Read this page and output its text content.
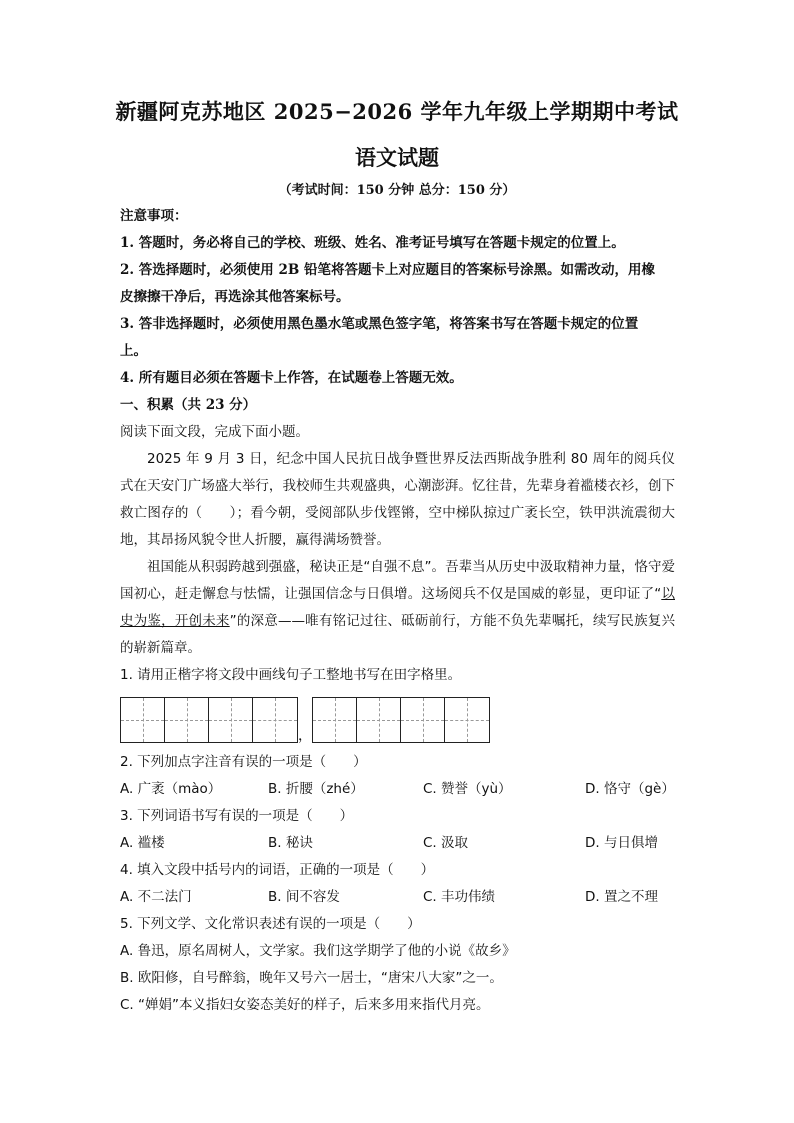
新疆阿克苏地区 2025−2026 学年九年级上学期期中考试
语文试题
（考试时间：150 分钟 总分：150 分）
注意事项：
1. 答题时，务必将自己的学校、班级、姓名、准考证号填写在答题卡规定的位置上。
2. 答选择题时，必须使用 2B 铅笔将答题卡上对应题目的答案标号涂黑。如需改动，用橡
皮擦擦干净后，再选涂其他答案标号。
3. 答非选择题时，必须使用黑色墨水笔或黑色签字笔，将答案书写在答题卡规定的位置
上。
4. 所有题目必须在答题卡上作答，在试题卷上答题无效。
一、积累（共 23 分）
阅读下面文段，完成下面小题。
2025 年 9 月 3 日，纪念中国人民抗日战争暨世界反法西斯战争胜利 80 周年的阅兵仪式在天安门广场盛大举行，我校师生共观盛典，心潮澎湃。忆往昔，先辈身着褴楼衣衫，创下救亡图存的（　　）；看今朝，受阅部队步伐铿锵，空中梯队掠过广袤长空，铁甲洪流震彻大地，其昂扬风貌令世人折腰，赢得满场赞誉。
祖国能从积弱跨越到强盛，秘诀正是“自强不息”。吾辈当从历史中汲取精神力量，恪守爱国初心，赶走懈怠与怯懦，让强国信念与日俱增。这场阅兵不仅是国威的彰显，更印证了“以史为鉴，开创未来”的深意——唯有铭记过往、砥砺前行，方能不负先辈嘱托，续写民族复兴的崭新篇章。
1. 请用正楷字将文段中画线句子工整地书写在田字格里。
，
2. 下列加点字注音有误的一项是（　　）
A. 广袤（mào）	B. 折腰（zhé）	C. 赞誉（yù）	D. 恪守（gè）
3. 下列词语书写有误的一项是（　　）
A. 褴楼	B. 秘诀	C. 汲取	D. 与日俱增
4. 填入文段中括号内的词语，正确的一项是（　　）
A. 不二法门	B. 间不容发	C. 丰功伟绩	D. 置之不理
5. 下列文学、文化常识表述有误的一项是（　　）
A. 鲁迅，原名周树人，文学家。我们这学期学了他的小说《故乡》
B. 欧阳修，自号醉翁，晚年又号六一居士，“唐宋八大家”之一。
C. “婵娟”本义指妇女姿态美好的样子，后来多用来指代月亮。
